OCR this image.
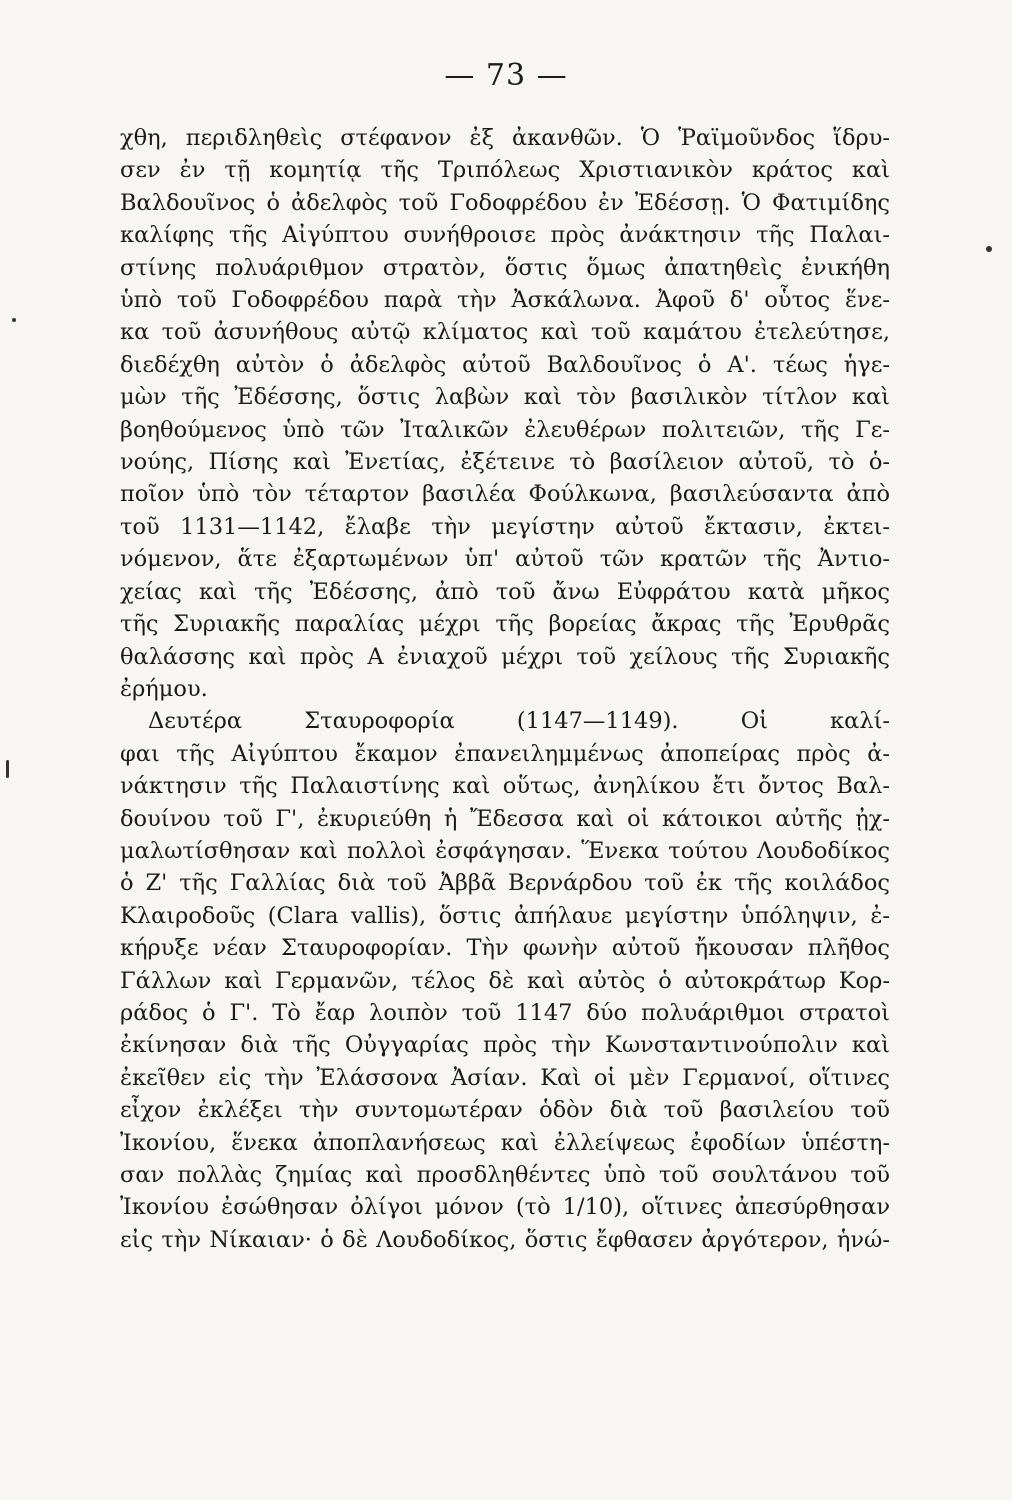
— 73 —
χθη, περιδληθεὶς στέφανον ἐξ ἀκανθῶν. Ὁ Ῥαϊμοῦνδος ἵδρυ-
σεν ἐν τῇ κομητίᾳ τῆς Τριπόλεως Χριστιανικὸν κράτος καὶ
Βαλδουῖνος ὁ ἀδελφὸς τοῦ Γοδοφρέδου ἐν Ἐδέσσῃ. Ὁ Φατιμίδης
καλίφης τῆς Αἰγύπτου συνήθροισε πρὸς ἀνάκτησιν τῆς Παλαι-
στίνης πολυάριθμον στρατὸν, ὅστις ὅμως ἀπατηθεὶς ἐνικήθη
ὑπὸ τοῦ Γοδοφρέδου παρὰ τὴν Ἀσκάλωνα. Ἀφοῦ δ' οὗτος ἕνε-
κα τοῦ ἀσυνήθους αὐτῷ κλίματος καὶ τοῦ καμάτου ἐτελεύτησε,
διεδέχθη αὐτὸν ὁ ἀδελφὸς αὐτοῦ Βαλδουῖνος ὁ Α'. τέως ἡγε-
μὼν τῆς Ἐδέσσης, ὅστις λαβὼν καὶ τὸν βασιλικὸν τίτλον καὶ
βοηθούμενος ὑπὸ τῶν Ἰταλικῶν ἐλευθέρων πολιτειῶν, τῆς Γε-
νούης, Πίσης καὶ Ἐνετίας, ἐξέτεινε τὸ βασίλειον αὐτοῦ, τὸ ὁ-
ποῖον ὑπὸ τὸν τέταρτον βασιλέα Φούλκωνα, βασιλεύσαντα ἀπὸ
τοῦ 1131—1142, ἔλαβε τὴν μεγίστην αὐτοῦ ἔκτασιν, ἐκτει-
νόμενον, ἅτε ἐξαρτωμένων ὑπ' αὐτοῦ τῶν κρατῶν τῆς Ἀντιο-
χείας καὶ τῆς Ἐδέσσης, ἀπὸ τοῦ ἄνω Εὐφράτου κατὰ μῆκος
τῆς Συριακῆς παραλίας μέχρι τῆς βορείας ἄκρας τῆς Ἐρυθρᾶς
θαλάσσης καὶ πρὸς Α ἐνιαχοῦ μέχρι τοῦ χείλους τῆς Συριακῆς
ἐρήμου.
Δευτέρα Σταυροφορία (1147—1149). Οἱ καλί-
φαι τῆς Αἰγύπτου ἔκαμον ἐπανειλημμένως ἀποπείρας πρὸς ἀ-
νάκτησιν τῆς Παλαιστίνης καὶ οὕτως, ἀνηλίκου ἔτι ὄντος Βαλ-
δουίνου τοῦ Γ', ἐκυριεύθη ἡ Ἔδεσσα καὶ οἱ κάτοικοι αὐτῆς ᾐχ-
μαλωτίσθησαν καὶ πολλοὶ ἐσφάγησαν. Ἕνεκα τούτου Λουδοδίκος
ὁ Ζ' τῆς Γαλλίας διὰ τοῦ Ἀββᾶ Βερνάρδου τοῦ ἐκ τῆς κοιλάδος
Κλαιροδοῦς (Clara vallis), ὅστις ἀπήλαυε μεγίστην ὑπόληψιν, ἐ-
κήρυξε νέαν Σταυροφορίαν. Τὴν φωνὴν αὐτοῦ ἤκουσαν πλῆθος
Γάλλων καὶ Γερμανῶν, τέλος δὲ καὶ αὐτὸς ὁ αὐτοκράτωρ Κορ-
ράδος ὁ Γ'. Τὸ ἔαρ λοιπὸν τοῦ 1147 δύο πολυάριθμοι στρατοὶ
ἐκίνησαν διὰ τῆς Οὐγγαρίας πρὸς τὴν Κωνσταντινούπολιν καὶ
ἐκεῖθεν εἰς τὴν Ἐλάσσονα Ἀσίαν. Καὶ οἱ μὲν Γερμανοί, οἵτινες
εἶχον ἐκλέξει τὴν συντομωτέραν ὁδὸν διὰ τοῦ βασιλείου τοῦ
Ἰκονίου, ἕνεκα ἀποπλανήσεως καὶ ἐλλείψεως ἐφοδίων ὑπέστη-
σαν πολλὰς ζημίας καὶ προσδληθέντες ὑπὸ τοῦ σουλτάνου τοῦ
Ἰκονίου ἐσώθησαν ὀλίγοι μόνον (τὸ 1/10), οἵτινες ἀπεσύρθησαν
εἰς τὴν Νίκαιαν· ὁ δὲ Λουδοδίκος, ὅστις ἔφθασεν ἀργότερον, ἡνώ-
